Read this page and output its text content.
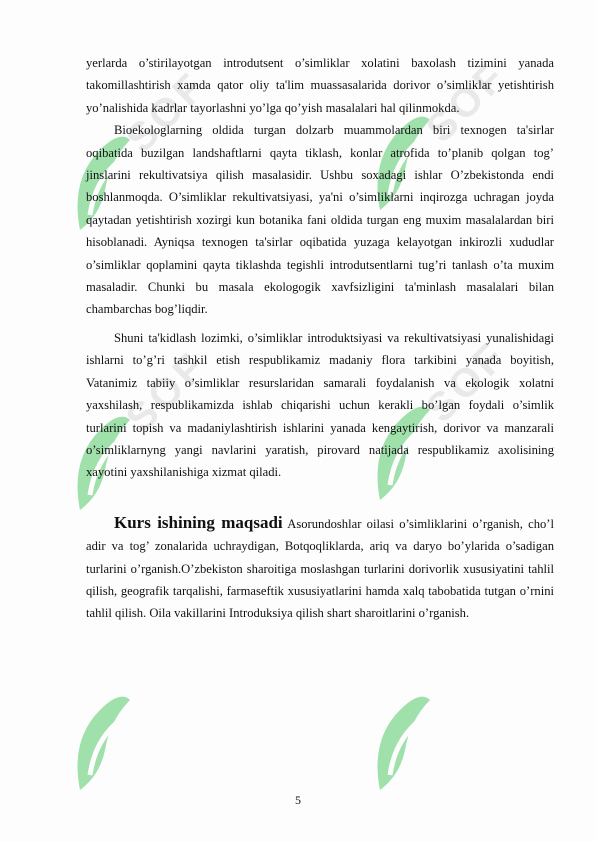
SOF	SOF
SOF	SOF

yerlarda o’stirilayotgan introdutsent o’simliklar xolatini baxolash tizimini yanada takomillashtirish xamda qator oliy ta'lim muassasalarida dorivor o’simliklar yetishtirish yo’nalishida kadrlar tayorlashni yo’lga qo’yish masalalari hal qilinmokda.

Bioekologlarning oldida turgan dolzarb muammolardan biri texnogen ta'sirlar oqibatida buzilgan landshaftlarni qayta tiklash, konlar atrofida to’planib qolgan tog’ jinslarini rekultivatsiya qilish masalasidir. Ushbu soxadagi ishlar O’zbekistonda endi boshlanmoqda. O’simliklar rekultivatsiyasi, ya'ni o’simliklarni inqirozga uchragan joyda qaytadan yetishtirish xozirgi kun botanika fani oldida turgan eng muxim masalalardan biri hisoblanadi. Ayniqsa texnogen ta'sirlar oqibatida yuzaga kelayotgan inkirozli xududlar o’simliklar qoplamini qayta tiklashda tegishli introdutsentlarni tug’ri tanlash o’ta muxim masaladir. Chunki bu masala ekologogik xavfsizligini ta'minlash masalalari bilan chambarchas bog’liqdir.

Shuni ta'kidlash lozimki, o’simliklar introduktsiyasi va rekultivatsiyasi yunalishidagi ishlarni to’g’ri tashkil etish respublikamiz madaniy flora tarkibini yanada boyitish, Vatanimiz tabiiy o’simliklar resurslaridan samarali foydalanish va ekologik xolatni yaxshilash, respublikamizda ishlab chiqarishi uchun kerakli bo’lgan foydali o’simlik turlarini topish va madaniylashtirish ishlarini yanada kengaytirish, dorivor va manzarali o’simliklarnyng yangi navlarini yaratish, pirovard natijada respublikamiz axolisining xayotini yaxshilanishiga xizmat qiladi.

Kurs ishining maqsadi Asorundoshlar oilasi o’simliklarini o’rganish, cho’l adir va tog’ zonalarida uchraydigan, Botqoqliklarda, ariq va daryo bo’ylarida o’sadigan turlarini o’rganish.O’zbekiston sharoitiga moslashgan turlarini dorivorlik xususiyatini tahlil qilish, geografik tarqalishi, farmaseftik xususiyatlarini hamda xalq tabobatida tutgan o’rnini tahlil qilish. Oila vakillarini Introduksiya qilish shart sharoitlarini o’rganish.

5
